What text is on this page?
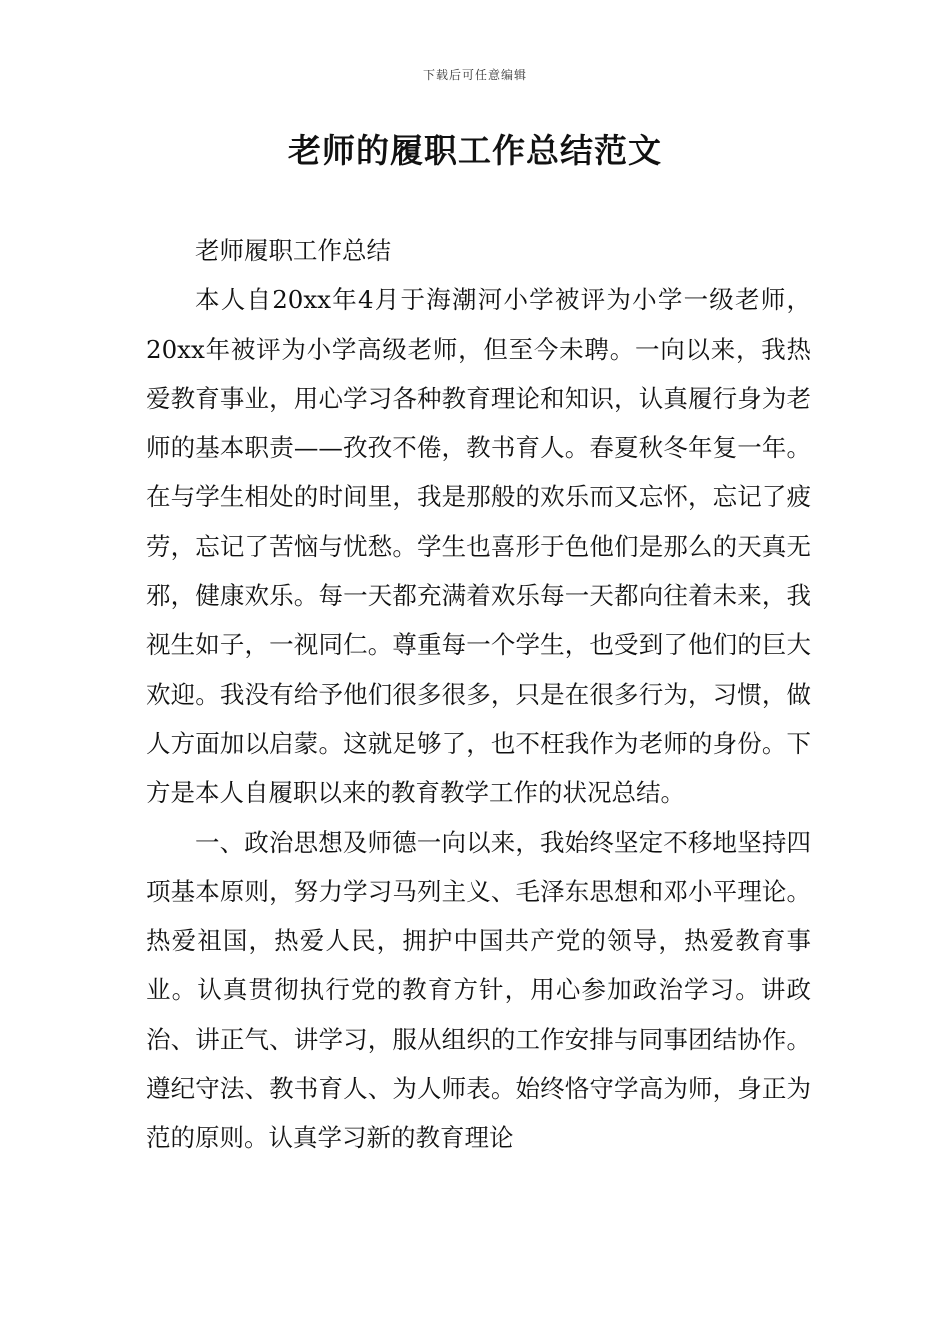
下载后可任意编辑
老师的履职工作总结范文

老师履职工作总结

本人自20xx年4月于海潮河小学被评为小学一级老师，20xx年被评为小学高级老师，但至今未聘。一向以来，我热爱教育事业，用心学习各种教育理论和知识，认真履行身为老师的基本职责——孜孜不倦，教书育人。春夏秋冬年复一年。在与学生相处的时间里，我是那般的欢乐而又忘怀，忘记了疲劳，忘记了苦恼与忧愁。学生也喜形于色他们是那么的天真无邪，健康欢乐。每一天都充满着欢乐每一天都向往着未来，我视生如子，一视同仁。尊重每一个学生，也受到了他们的巨大欢迎。我没有给予他们很多很多，只是在很多行为，习惯，做人方面加以启蒙。这就足够了，也不枉我作为老师的身份。下方是本人自履职以来的教育教学工作的状况总结。

一、政治思想及师德一向以来，我始终坚定不移地坚持四项基本原则，努力学习马列主义、毛泽东思想和邓小平理论。热爱祖国，热爱人民，拥护中国共产党的领导，热爱教育事业。认真贯彻执行党的教育方针，用心参加政治学习。讲政治、讲正气、讲学习，服从组织的工作安排与同事团结协作。遵纪守法、教书育人、为人师表。始终恪守学高为师，身正为范的原则。认真学习新的教育理论
